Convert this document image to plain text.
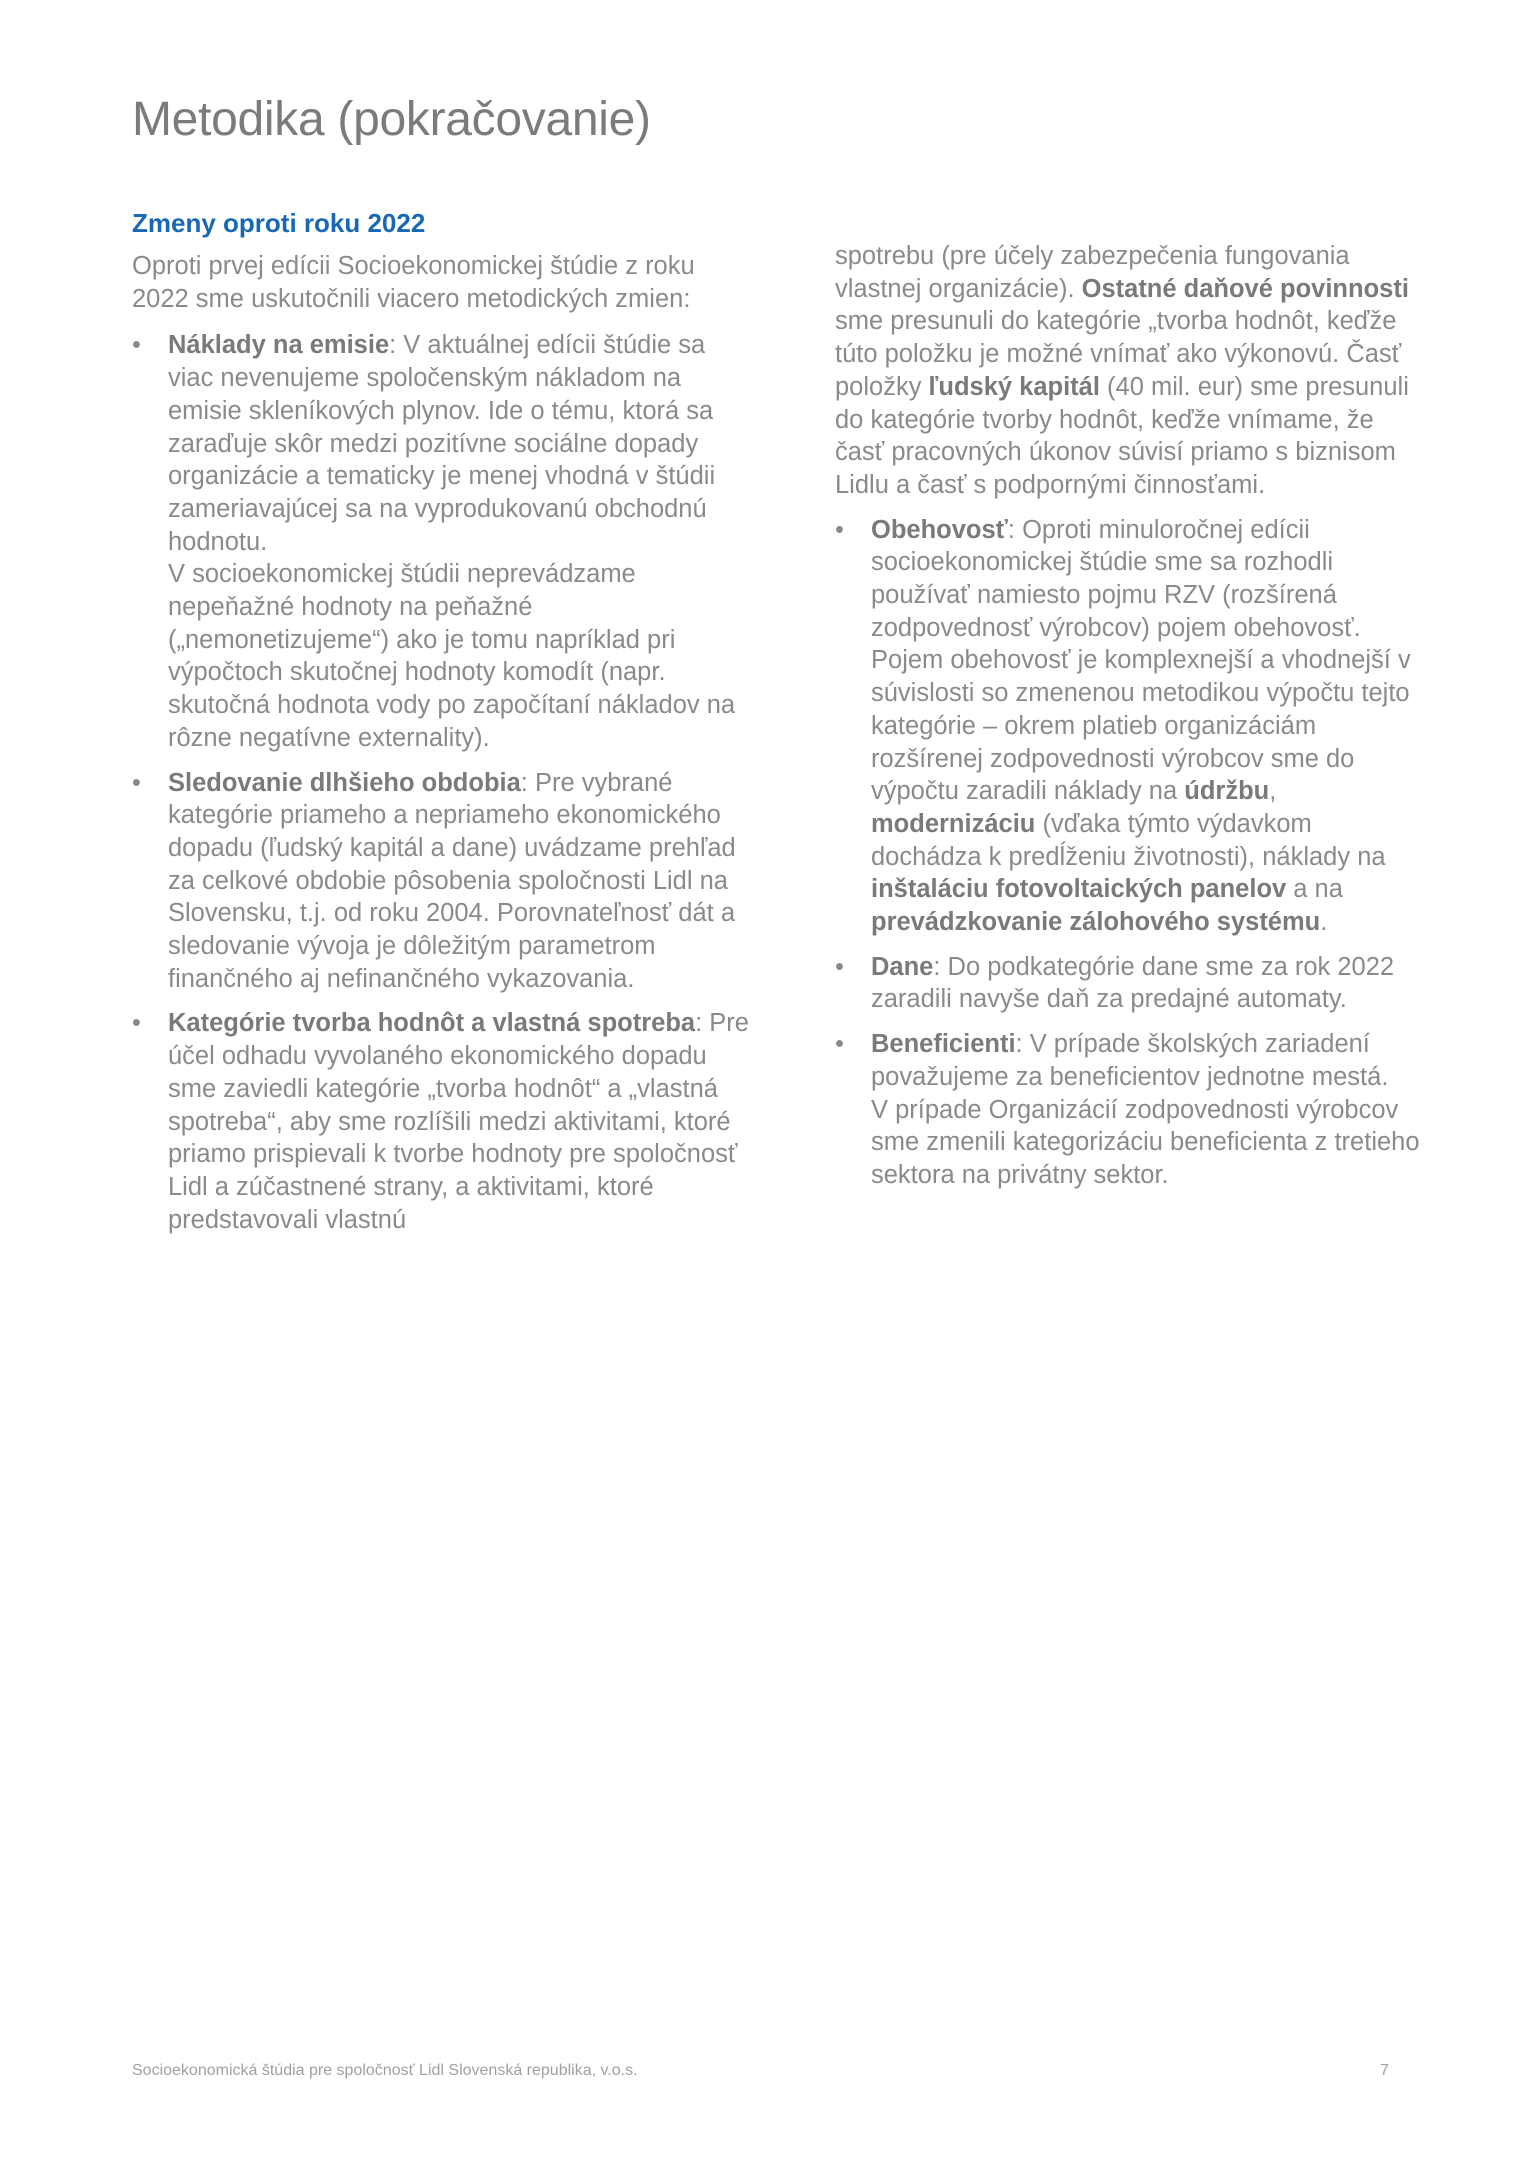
Metodika (pokračovanie)
Zmeny oproti roku 2022

Oproti prvej edícii Socioekonomickej štúdie z roku 2022 sme uskutočnili viacero metodických zmien:

• Náklady na emisie: V aktuálnej edícii štúdie sa viac nevenujeme spoločenským nákladom na emisie skleníkových plynov. Ide o tému, ktorá sa zaraďuje skôr medzi pozitívne sociálne dopady organizácie a tematicky je menej vhodná v štúdii zameriavajúcej sa na vyprodukovanú obchodnú hodnotu.
V socioekonomickej štúdii neprevádzame nepeňažné hodnoty na peňažné („nemonetizujeme“) ako je tomu napríklad pri výpočtoch skutočnej hodnoty komodít (napr. skutočná hodnota vody po započítaní nákladov na rôzne negatívne externality).
• Sledovanie dlhšieho obdobia: Pre vybrané kategórie priameho a nepriameho ekonomického dopadu (ľudský kapitál a dane) uvádzame prehľad za celkové obdobie pôsobenia spoločnosti Lidl na Slovensku, t.j. od roku 2004. Porovnateľnosť dát a sledovanie vývoja je dôležitým parametrom finančného aj nefinančného vykazovania.
• Kategórie tvorba hodnôt a vlastná spotreba: Pre účel odhadu vyvolaného ekonomického dopadu sme zaviedli kategórie „tvorba hodnôt“ a „vlastná spotreba“, aby sme rozlíšili medzi aktivitami, ktoré priamo prispievali k tvorbe hodnoty pre spoločnosť Lidl a zúčastnené strany, a aktivitami, ktoré predstavovali vlastnú
spotrebu (pre účely zabezpečenia fungovania vlastnej organizácie). Ostatné daňové povinnosti sme presunuli do kategórie „tvorba hodnôt, keďže túto položku je možné vnímať ako výkonovú. Časť položky ľudský kapitál (40 mil. eur) sme presunuli do kategórie tvorby hodnôt, keďže vnímame, že časť pracovných úkonov súvisí priamo s biznisom Lidlu a časť s podpornými činnosťami.
• Obehovosť: Oproti minuloročnej edícii socioekonomickej štúdie sme sa rozhodli používať namiesto pojmu RZV (rozšírená zodpovednosť výrobcov) pojem obehovosť. Pojem obehovosť je komplexnejší a vhodnejší v súvislosti so zmenenou metodikou výpočtu tejto kategórie – okrem platieb organizáciám rozšírenej zodpovednosti výrobcov sme do výpočtu zaradili náklady na údržbu, modernizáciu (vďaka týmto výdavkom dochádza k predĺženiu životnosti), náklady na inštaláciu fotovoltaických panelov a na prevádzkovanie zálohového systému.
• Dane: Do podkategórie dane sme za rok 2022 zaradili navyše daň za predajné automaty.
• Beneficienti: V prípade školských zariadení považujeme za beneficientov jednotne mestá.
V prípade Organizácií zodpovednosti výrobcov sme zmenili kategorizáciu beneficienta z tretieho sektora na privátny sektor.
Socioekonomická štúdia pre spoločnosť Lidl Slovenská republika, v.o.s.	7
